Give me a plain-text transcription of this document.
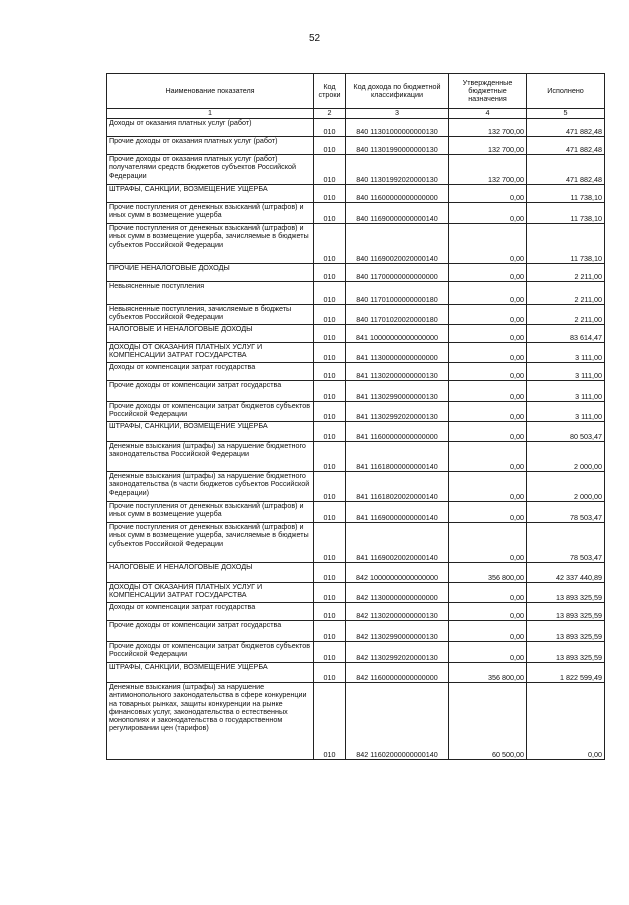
52
Наименование показателя	Код строки	Код дохода по бюджетной классификации	Утвержденные бюджетные назначения	Исполнено
1	2	3	4	5
Доходы от оказания платных услуг (работ)	010	840 11301000000000130	132 700,00	471 882,48
Прочие доходы от оказания платных услуг (работ)	010	840 11301990000000130	132 700,00	471 882,48
Прочие доходы от оказания платных услуг (работ) получателями средств бюджетов субъектов Российской Федерации	010	840 11301992020000130	132 700,00	471 882,48
ШТРАФЫ, САНКЦИИ, ВОЗМЕЩЕНИЕ УЩЕРБА	010	840 11600000000000000	0,00	11 738,10
Прочие поступления от денежных взысканий (штрафов) и иных сумм в возмещение ущерба	010	840 11690000000000140	0,00	11 738,10
Прочие поступления от денежных взысканий (штрафов) и иных сумм в возмещение ущерба, зачисляемые в бюджеты субъектов Российской Федерации	010	840 11690020020000140	0,00	11 738,10
ПРОЧИЕ НЕНАЛОГОВЫЕ ДОХОДЫ	010	840 11700000000000000	0,00	2 211,00
Невыясненные поступления	010	840 11701000000000180	0,00	2 211,00
Невыясненные поступления, зачисляемые в бюджеты субъектов Российской Федерации	010	840 11701020020000180	0,00	2 211,00
НАЛОГОВЫЕ И НЕНАЛОГОВЫЕ ДОХОДЫ	010	841 10000000000000000	0,00	83 614,47
ДОХОДЫ ОТ ОКАЗАНИЯ ПЛАТНЫХ УСЛУГ И КОМПЕНСАЦИИ ЗАТРАТ ГОСУДАРСТВА	010	841 11300000000000000	0,00	3 111,00
Доходы от компенсации затрат государства	010	841 11302000000000130	0,00	3 111,00
Прочие доходы от компенсации затрат государства	010	841 11302990000000130	0,00	3 111,00
Прочие доходы от компенсации затрат бюджетов субъектов Российской Федерации	010	841 11302992020000130	0,00	3 111,00
ШТРАФЫ, САНКЦИИ, ВОЗМЕЩЕНИЕ УЩЕРБА	010	841 11600000000000000	0,00	80 503,47
Денежные взыскания (штрафы) за нарушение бюджетного законодательства Российской Федерации	010	841 11618000000000140	0,00	2 000,00
Денежные взыскания (штрафы) за нарушение бюджетного законодательства (в части бюджетов субъектов Российской Федерации)	010	841 11618020020000140	0,00	2 000,00
Прочие поступления от денежных взысканий (штрафов) и иных сумм в возмещение ущерба	010	841 11690000000000140	0,00	78 503,47
Прочие поступления от денежных взысканий (штрафов) и иных сумм в возмещение ущерба, зачисляемые в бюджеты субъектов Российской Федерации	010	841 11690020020000140	0,00	78 503,47
НАЛОГОВЫЕ И НЕНАЛОГОВЫЕ ДОХОДЫ	010	842 10000000000000000	356 800,00	42 337 440,89
ДОХОДЫ ОТ ОКАЗАНИЯ ПЛАТНЫХ УСЛУГ И КОМПЕНСАЦИИ ЗАТРАТ ГОСУДАРСТВА	010	842 11300000000000000	0,00	13 893 325,59
Доходы от компенсации затрат государства	010	842 11302000000000130	0,00	13 893 325,59
Прочие доходы от компенсации затрат государства	010	842 11302990000000130	0,00	13 893 325,59
Прочие доходы от компенсации затрат бюджетов субъектов Российской Федерации	010	842 11302992020000130	0,00	13 893 325,59
ШТРАФЫ, САНКЦИИ, ВОЗМЕЩЕНИЕ УЩЕРБА	010	842 11600000000000000	356 800,00	1 822 599,49
Денежные взыскания (штрафы) за нарушение антимонопольного законодательства в сфере конкуренции на товарных рынках, защиты конкуренции на рынке финансовых услуг, законодательства о естественных монополиях и законодательства о государственном регулировании цен (тарифов)	010	842 11602000000000140	60 500,00	0,00
